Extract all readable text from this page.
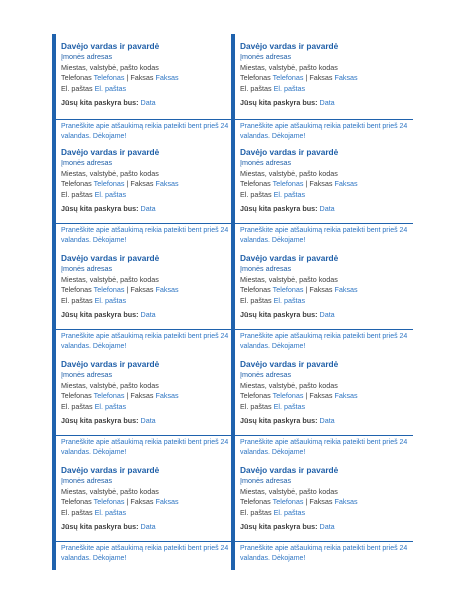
Davėjo vardas ir pavardė
Įmonės adresas
Miestas, valstybė, pašto kodas
Telefonas Telefonas | Faksas Faksas
El. paštas El. paštas
Jūsų kita paskyra bus: Data
Praneškite apie atšaukimą reikia pateikti bent prieš 24 valandas. Dėkojame!
Davėjo vardas ir pavardė
Įmonės adresas
Miestas, valstybė, pašto kodas
Telefonas Telefonas | Faksas Faksas
El. paštas El. paštas
Jūsų kita paskyra bus: Data
Praneškite apie atšaukimą reikia pateikti bent prieš 24 valandas. Dėkojame!
Davėjo vardas ir pavardė
Įmonės adresas
Miestas, valstybė, pašto kodas
Telefonas Telefonas | Faksas Faksas
El. paštas El. paštas
Jūsų kita paskyra bus: Data
Praneškite apie atšaukimą reikia pateikti bent prieš 24 valandas. Dėkojame!
Davėjo vardas ir pavardė
Įmonės adresas
Miestas, valstybė, pašto kodas
Telefonas Telefonas | Faksas Faksas
El. paštas El. paštas
Jūsų kita paskyra bus: Data
Praneškite apie atšaukimą reikia pateikti bent prieš 24 valandas. Dėkojame!
Davėjo vardas ir pavardė
Įmonės adresas
Miestas, valstybė, pašto kodas
Telefonas Telefonas | Faksas Faksas
El. paštas El. paštas
Jūsų kita paskyra bus: Data
Praneškite apie atšaukimą reikia pateikti bent prieš 24 valandas. Dėkojame!
Davėjo vardas ir pavardė
Įmonės adresas
Miestas, valstybė, pašto kodas
Telefonas Telefonas | Faksas Faksas
El. paštas El. paštas
Jūsų kita paskyra bus: Data
Praneškite apie atšaukimą reikia pateikti bent prieš 24 valandas. Dėkojame!
Davėjo vardas ir pavardė
Įmonės adresas
Miestas, valstybė, pašto kodas
Telefonas Telefonas | Faksas Faksas
El. paštas El. paštas
Jūsų kita paskyra bus: Data
Praneškite apie atšaukimą reikia pateikti bent prieš 24 valandas. Dėkojame!
Davėjo vardas ir pavardė
Įmonės adresas
Miestas, valstybė, pašto kodas
Telefonas Telefonas | Faksas Faksas
El. paštas El. paštas
Jūsų kita paskyra bus: Data
Praneškite apie atšaukimą reikia pateikti bent prieš 24 valandas. Dėkojame!
Davėjo vardas ir pavardė
Įmonės adresas
Miestas, valstybė, pašto kodas
Telefonas Telefonas | Faksas Faksas
El. paštas El. paštas
Jūsų kita paskyra bus: Data
Praneškite apie atšaukimą reikia pateikti bent prieš 24 valandas. Dėkojame!
Davėjo vardas ir pavardė
Įmonės adresas
Miestas, valstybė, pašto kodas
Telefonas Telefonas | Faksas Faksas
El. paštas El. paštas
Jūsų kita paskyra bus: Data
Praneškite apie atšaukimą reikia pateikti bent prieš 24 valandas. Dėkojame!
